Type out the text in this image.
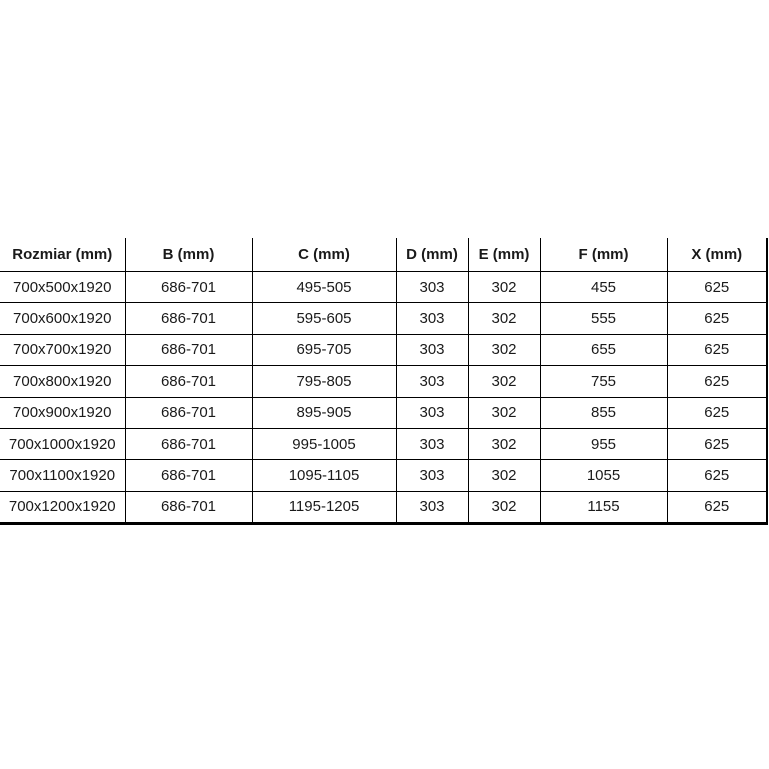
Rozmiar (mm)	B (mm)	C (mm)	D (mm)	E (mm)	F (mm)	X (mm)
700x500x1920	686-701	495-505	303	302	455	625
700x600x1920	686-701	595-605	303	302	555	625
700x700x1920	686-701	695-705	303	302	655	625
700x800x1920	686-701	795-805	303	302	755	625
700x900x1920	686-701	895-905	303	302	855	625
700x1000x1920	686-701	995-1005	303	302	955	625
700x1100x1920	686-701	1095-1105	303	302	1055	625
700x1200x1920	686-701	1195-1205	303	302	1155	625
